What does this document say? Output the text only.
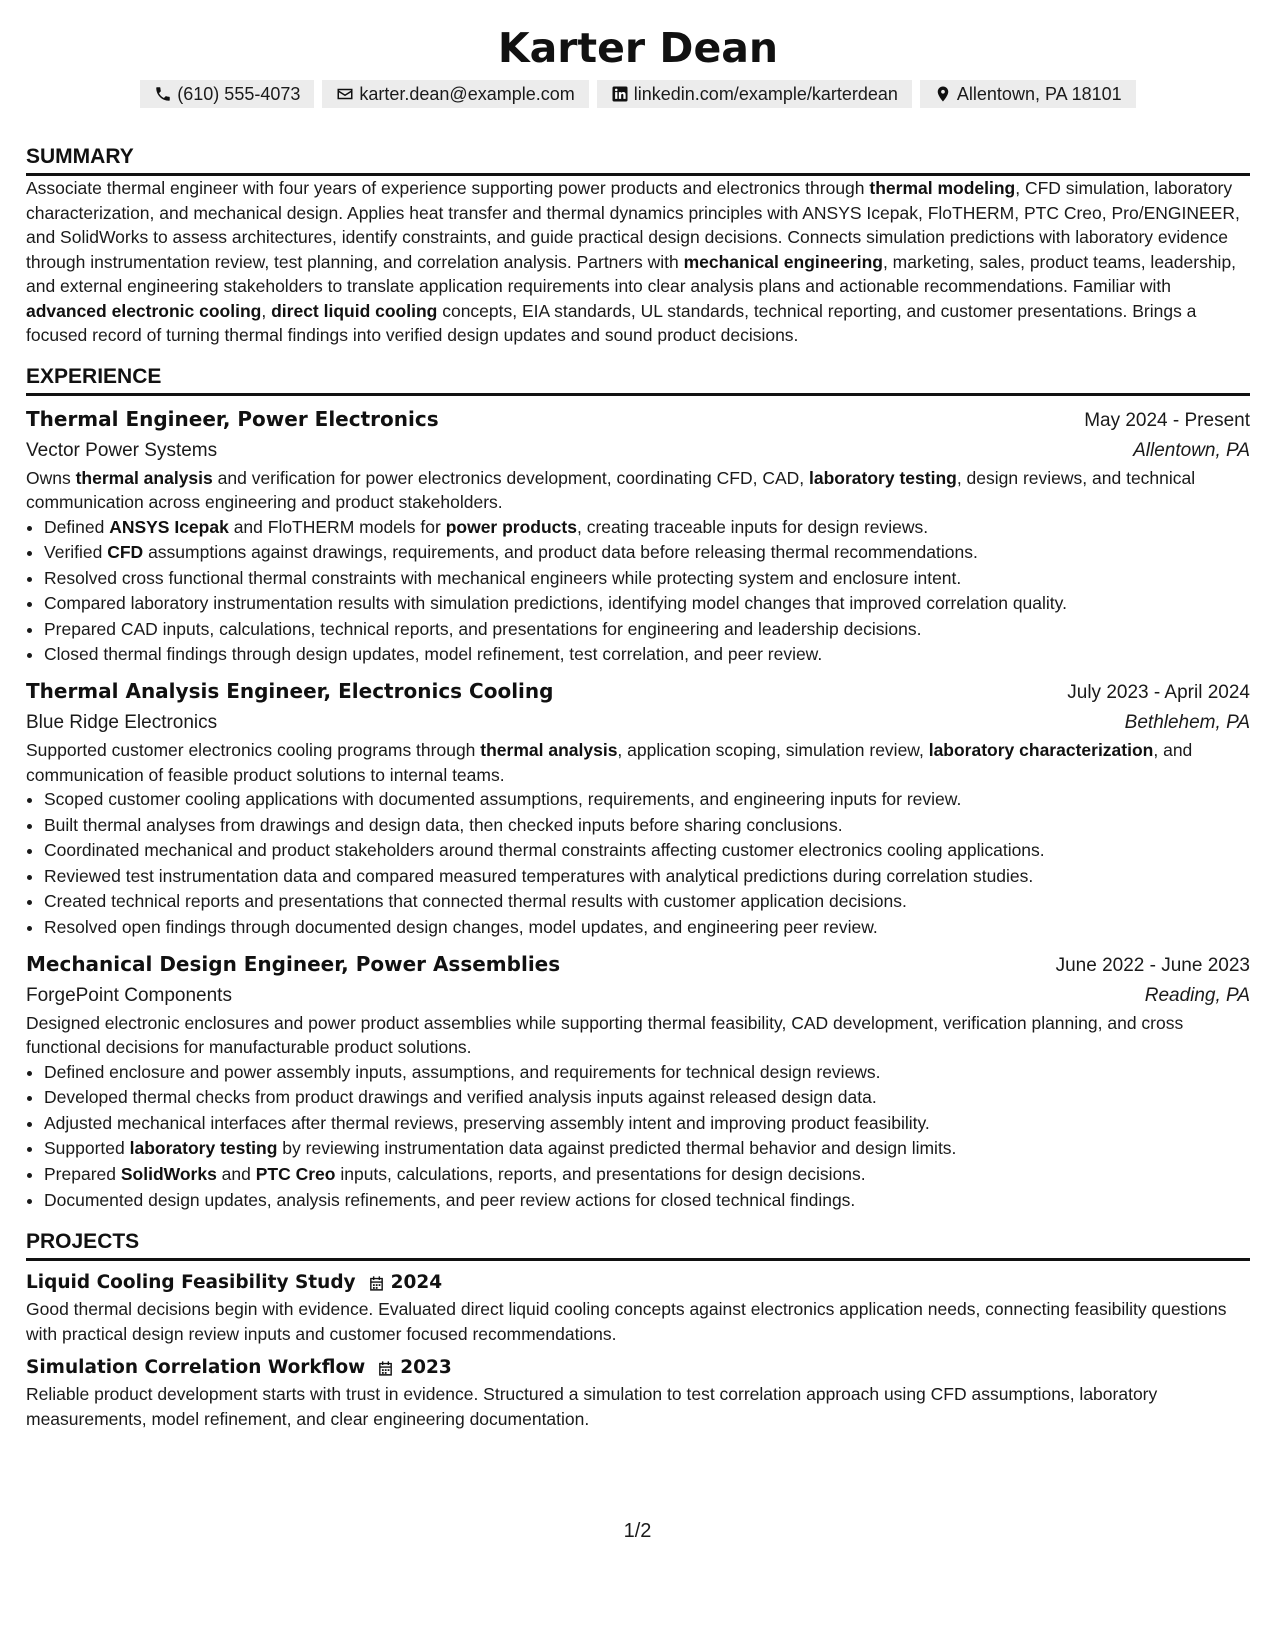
Karter Dean
(610) 555-4073	karter.dean@example.com	linkedin.com/example/karterdean	Allentown, PA 18101
SUMMARY

Associate thermal engineer with four years of experience supporting power products and electronics through thermal modeling, CFD simulation, laboratory characterization, and mechanical design. Applies heat transfer and thermal dynamics principles with ANSYS Icepak, FloTHERM, PTC Creo, Pro/ENGINEER, and SolidWorks to assess architectures, identify constraints, and guide practical design decisions. Connects simulation predictions with laboratory evidence through instrumentation review, test planning, and correlation analysis. Partners with mechanical engineering, marketing, sales, product teams, leadership, and external engineering stakeholders to translate application requirements into clear analysis plans and actionable recommendations. Familiar with advanced electronic cooling, direct liquid cooling concepts, EIA standards, UL standards, technical reporting, and customer presentations. Brings a focused record of turning thermal findings into verified design updates and sound product decisions.

EXPERIENCE
Thermal Engineer, Power Electronics	May 2024 - Present
Vector Power Systems	Allentown, PA

Owns thermal analysis and verification for power electronics development, coordinating CFD, CAD, laboratory testing, design reviews, and technical communication across engineering and product stakeholders.

• Defined ANSYS Icepak and FloTHERM models for power products, creating traceable inputs for design reviews.
• Verified CFD assumptions against drawings, requirements, and product data before releasing thermal recommendations.
• Resolved cross functional thermal constraints with mechanical engineers while protecting system and enclosure intent.
• Compared laboratory instrumentation results with simulation predictions, identifying model changes that improved correlation quality.
• Prepared CAD inputs, calculations, technical reports, and presentations for engineering and leadership decisions.
• Closed thermal findings through design updates, model refinement, test correlation, and peer review.
Thermal Analysis Engineer, Electronics Cooling	July 2023 - April 2024
Blue Ridge Electronics	Bethlehem, PA

Supported customer electronics cooling programs through thermal analysis, application scoping, simulation review, laboratory characterization, and communication of feasible product solutions to internal teams.

• Scoped customer cooling applications with documented assumptions, requirements, and engineering inputs for review.
• Built thermal analyses from drawings and design data, then checked inputs before sharing conclusions.
• Coordinated mechanical and product stakeholders around thermal constraints affecting customer electronics cooling applications.
• Reviewed test instrumentation data and compared measured temperatures with analytical predictions during correlation studies.
• Created technical reports and presentations that connected thermal results with customer application decisions.
• Resolved open findings through documented design changes, model updates, and engineering peer review.
Mechanical Design Engineer, Power Assemblies	June 2022 - June 2023
ForgePoint Components	Reading, PA

Designed electronic enclosures and power product assemblies while supporting thermal feasibility, CAD development, verification planning, and cross functional decisions for manufacturable product solutions.

• Defined enclosure and power assembly inputs, assumptions, and requirements for technical design reviews.
• Developed thermal checks from product drawings and verified analysis inputs against released design data.
• Adjusted mechanical interfaces after thermal reviews, preserving assembly intent and improving product feasibility.
• Supported laboratory testing by reviewing instrumentation data against predicted thermal behavior and design limits.
• Prepared SolidWorks and PTC Creo inputs, calculations, reports, and presentations for design decisions.
• Documented design updates, analysis refinements, and peer review actions for closed technical findings.
PROJECTS
Liquid Cooling Feasibility Study 2024

Good thermal decisions begin with evidence. Evaluated direct liquid cooling concepts against electronics application needs, connecting feasibility questions with practical design review inputs and customer focused recommendations.

Simulation Correlation Workflow 2023

Reliable product development starts with trust in evidence. Structured a simulation to test correlation approach using CFD assumptions, laboratory measurements, model refinement, and clear engineering documentation.

1/2
